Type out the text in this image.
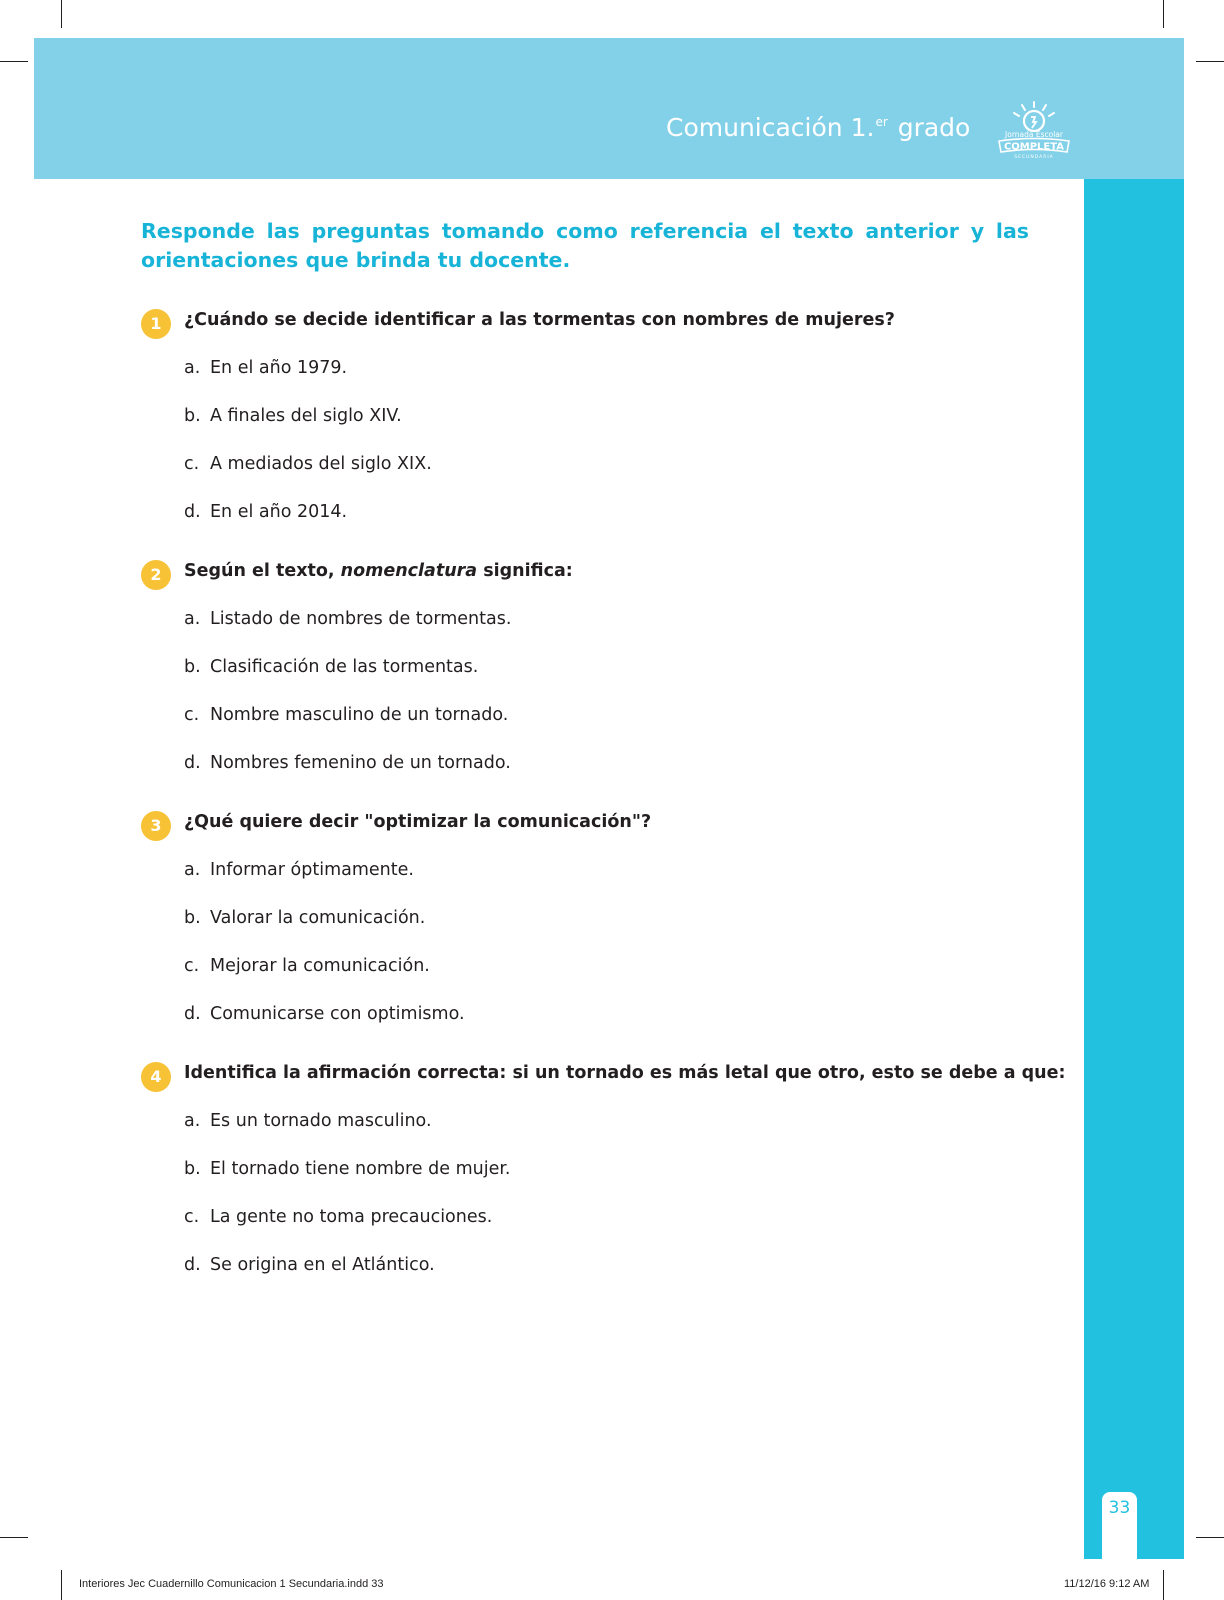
Comunicación 1.$^{er}$ grado	Jornada Escolar
COMPLETA
SECUNDARIA
33
Responde las preguntas tomando como referencia el texto anterior y las orientaciones que brinda tu docente.
1	¿Cuándo se decide identificar a las tormentas con nombres de mujeres?
a. En el año 1979.
b. A finales del siglo XIV.
c. A mediados del siglo XIX.
d. En el año 2014.
2	Según el texto, nomenclatura significa:
a. Listado de nombres de tormentas.
b. Clasificación de las tormentas.
c. Nombre masculino de un tornado.
d. Nombres femenino de un tornado.
3	¿Qué quiere decir "optimizar la comunicación"?
a. Informar óptimamente.
b. Valorar la comunicación.
c. Mejorar la comunicación.
d. Comunicarse con optimismo.
4	Identifica la afirmación correcta: si un tornado es más letal que otro, esto se debe a que:
a. Es un tornado masculino.
b. El tornado tiene nombre de mujer.
c. La gente no toma precauciones.
d. Se origina en el Atlántico.
Interiores Jec Cuadernillo Comunicacion 1 Secundaria.indd 33	11/12/16 9:12 AM
